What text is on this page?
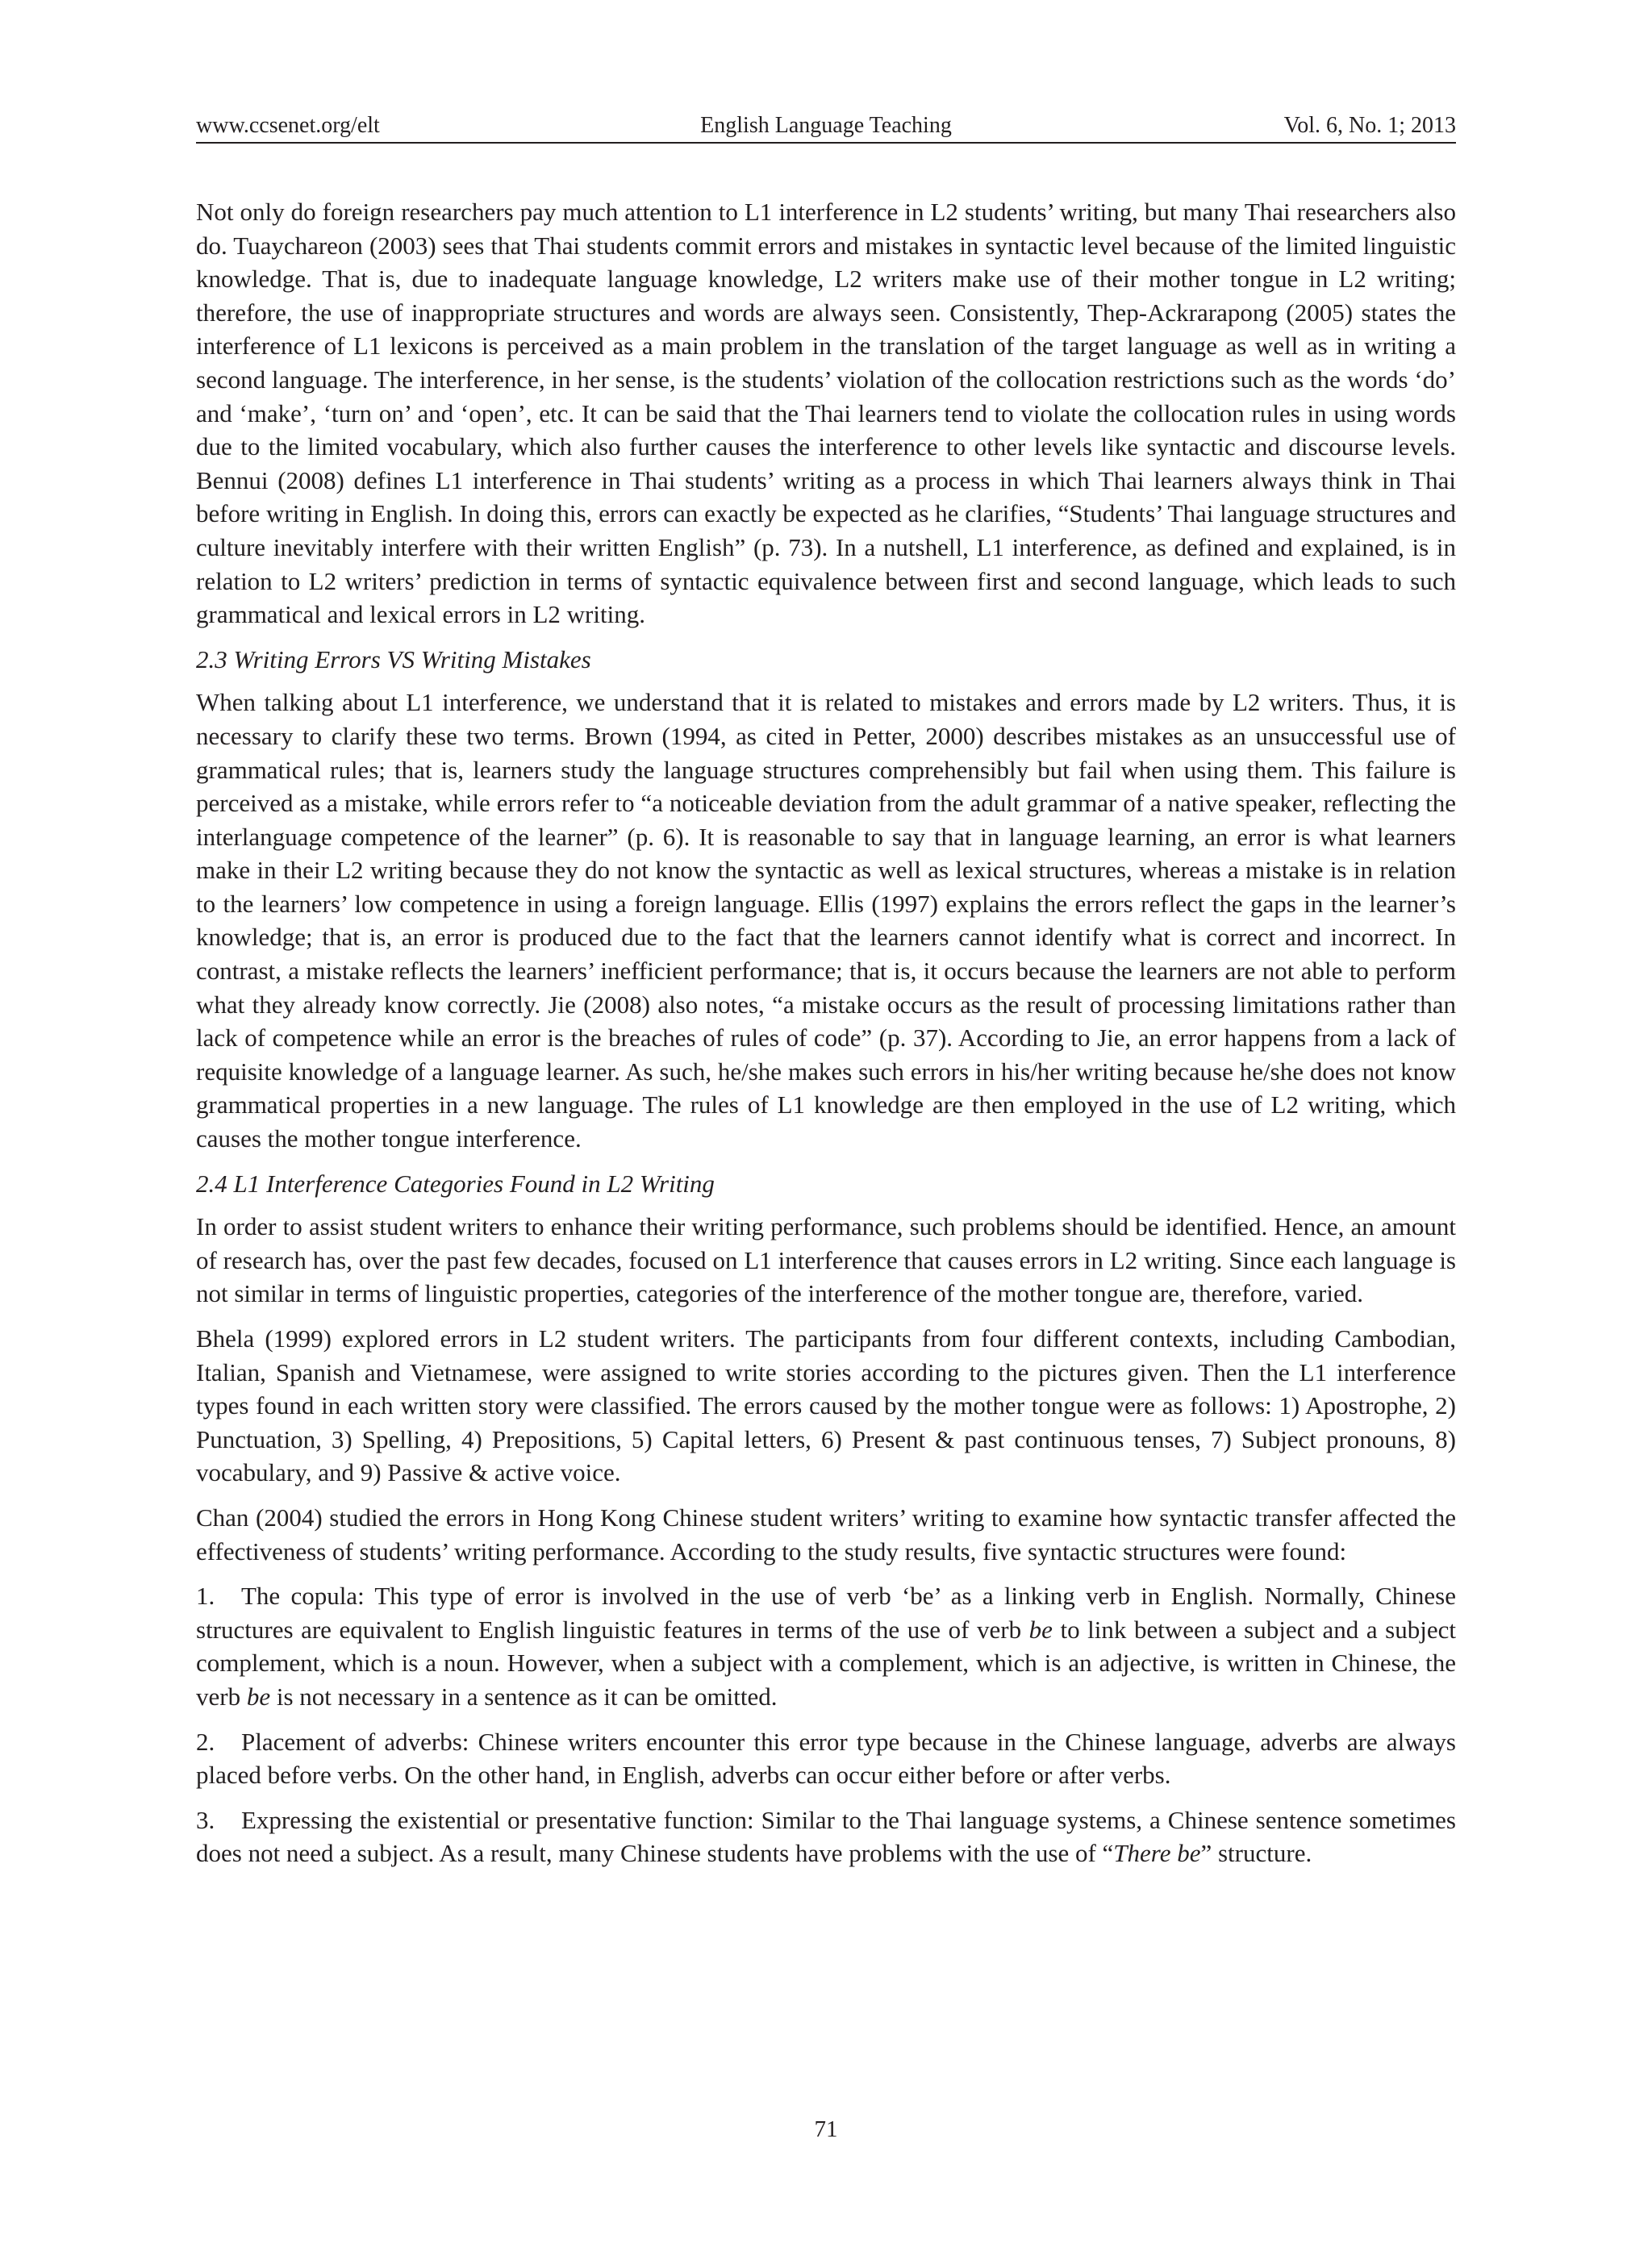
www.ccsenet.org/elt	English Language Teaching	Vol. 6, No. 1; 2013

Not only do foreign researchers pay much attention to L1 interference in L2 students’ writing, but many Thai researchers also do. Tuaychareon (2003) sees that Thai students commit errors and mistakes in syntactic level because of the limited linguistic knowledge. That is, due to inadequate language knowledge, L2 writers make use of their mother tongue in L2 writing; therefore, the use of inappropriate structures and words are always seen. Consistently, Thep-Ackrarapong (2005) states the interference of L1 lexicons is perceived as a main problem in the translation of the target language as well as in writing a second language. The interference, in her sense, is the students’ violation of the collocation restrictions such as the words ‘do’ and ‘make’, ‘turn on’ and ‘open’, etc. It can be said that the Thai learners tend to violate the collocation rules in using words due to the limited vocabulary, which also further causes the interference to other levels like syntactic and discourse levels. Bennui (2008) defines L1 interference in Thai students’ writing as a process in which Thai learners always think in Thai before writing in English. In doing this, errors can exactly be expected as he clarifies, “Students’ Thai language structures and culture inevitably interfere with their written English” (p. 73). In a nutshell, L1 interference, as defined and explained, is in relation to L2 writers’ prediction in terms of syntactic equivalence between first and second language, which leads to such grammatical and lexical errors in L2 writing.

2.3 Writing Errors VS Writing Mistakes

When talking about L1 interference, we understand that it is related to mistakes and errors made by L2 writers. Thus, it is necessary to clarify these two terms. Brown (1994, as cited in Petter, 2000) describes mistakes as an unsuccessful use of grammatical rules; that is, learners study the language structures comprehensibly but fail when using them. This failure is perceived as a mistake, while errors refer to “a noticeable deviation from the adult grammar of a native speaker, reflecting the interlanguage competence of the learner” (p. 6). It is reasonable to say that in language learning, an error is what learners make in their L2 writing because they do not know the syntactic as well as lexical structures, whereas a mistake is in relation to the learners’ low competence in using a foreign language. Ellis (1997) explains the errors reflect the gaps in the learner’s knowledge; that is, an error is produced due to the fact that the learners cannot identify what is correct and incorrect. In contrast, a mistake reflects the learners’ inefficient performance; that is, it occurs because the learners are not able to perform what they already know correctly. Jie (2008) also notes, “a mistake occurs as the result of processing limitations rather than lack of competence while an error is the breaches of rules of code” (p. 37). According to Jie, an error happens from a lack of requisite knowledge of a language learner. As such, he/she makes such errors in his/her writing because he/she does not know grammatical properties in a new language. The rules of L1 knowledge are then employed in the use of L2 writing, which causes the mother tongue interference.

2.4 L1 Interference Categories Found in L2 Writing

In order to assist student writers to enhance their writing performance, such problems should be identified. Hence, an amount of research has, over the past few decades, focused on L1 interference that causes errors in L2 writing. Since each language is not similar in terms of linguistic properties, categories of the interference of the mother tongue are, therefore, varied.

Bhela (1999) explored errors in L2 student writers. The participants from four different contexts, including Cambodian, Italian, Spanish and Vietnamese, were assigned to write stories according to the pictures given. Then the L1 interference types found in each written story were classified. The errors caused by the mother tongue were as follows: 1) Apostrophe, 2) Punctuation, 3) Spelling, 4) Prepositions, 5) Capital letters, 6) Present & past continuous tenses, 7) Subject pronouns, 8) vocabulary, and 9) Passive & active voice.

Chan (2004) studied the errors in Hong Kong Chinese student writers’ writing to examine how syntactic transfer affected the effectiveness of students’ writing performance. According to the study results, five syntactic structures were found:

1. The copula: This type of error is involved in the use of verb ‘be’ as a linking verb in English. Normally, Chinese structures are equivalent to English linguistic features in terms of the use of verb be to link between a subject and a subject complement, which is a noun. However, when a subject with a complement, which is an adjective, is written in Chinese, the verb be is not necessary in a sentence as it can be omitted.

2. Placement of adverbs: Chinese writers encounter this error type because in the Chinese language, adverbs are always placed before verbs. On the other hand, in English, adverbs can occur either before or after verbs.

3. Expressing the existential or presentative function: Similar to the Thai language systems, a Chinese sentence sometimes does not need a subject. As a result, many Chinese students have problems with the use of “There be” structure.

71
